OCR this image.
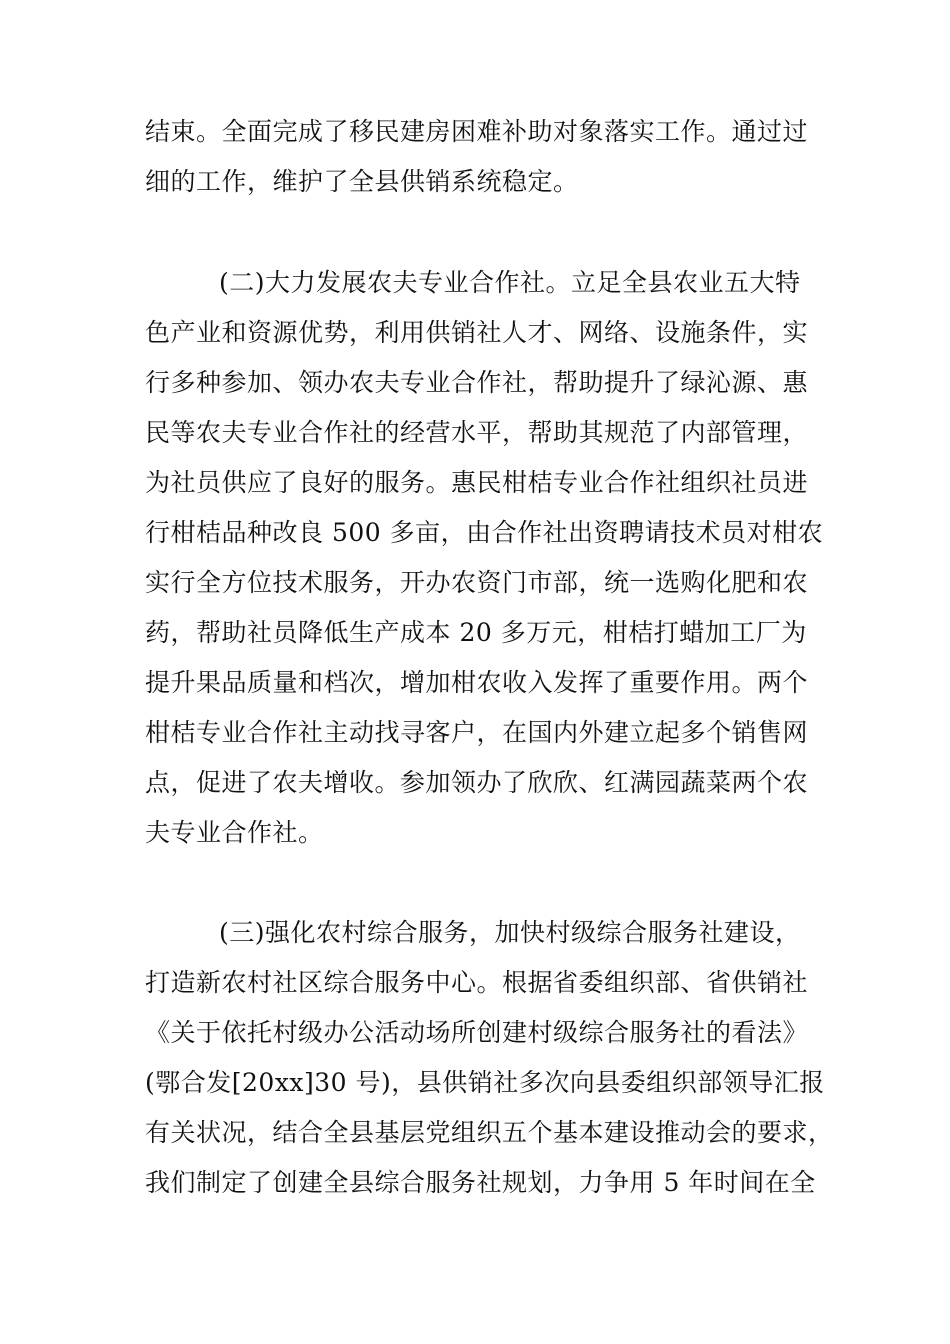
结束。全面完成了移民建房困难补助对象落实工作。通过过
细的工作，维护了全县供销系统稳定。
(二)大力发展农夫专业合作社。立足全县农业五大特
色产业和资源优势，利用供销社人才、网络、设施条件，实
行多种参加、领办农夫专业合作社，帮助提升了绿沁源、惠
民等农夫专业合作社的经营水平，帮助其规范了内部管理，
为社员供应了良好的服务。惠民柑桔专业合作社组织社员进
行柑桔品种改良 500 多亩，由合作社出资聘请技术员对柑农
实行全方位技术服务，开办农资门市部，统一选购化肥和农
药，帮助社员降低生产成本 20 多万元，柑桔打蜡加工厂为
提升果品质量和档次，增加柑农收入发挥了重要作用。两个
柑桔专业合作社主动找寻客户，在国内外建立起多个销售网
点，促进了农夫增收。参加领办了欣欣、红满园蔬菜两个农
夫专业合作社。
(三)强化农村综合服务，加快村级综合服务社建设，
打造新农村社区综合服务中心。根据省委组织部、省供销社
《关于依托村级办公活动场所创建村级综合服务社的看法》
(鄂合发[20xx]30 号)，县供销社多次向县委组织部领导汇报
有关状况，结合全县基层党组织五个基本建设推动会的要求，
我们制定了创建全县综合服务社规划，力争用 5 年时间在全
